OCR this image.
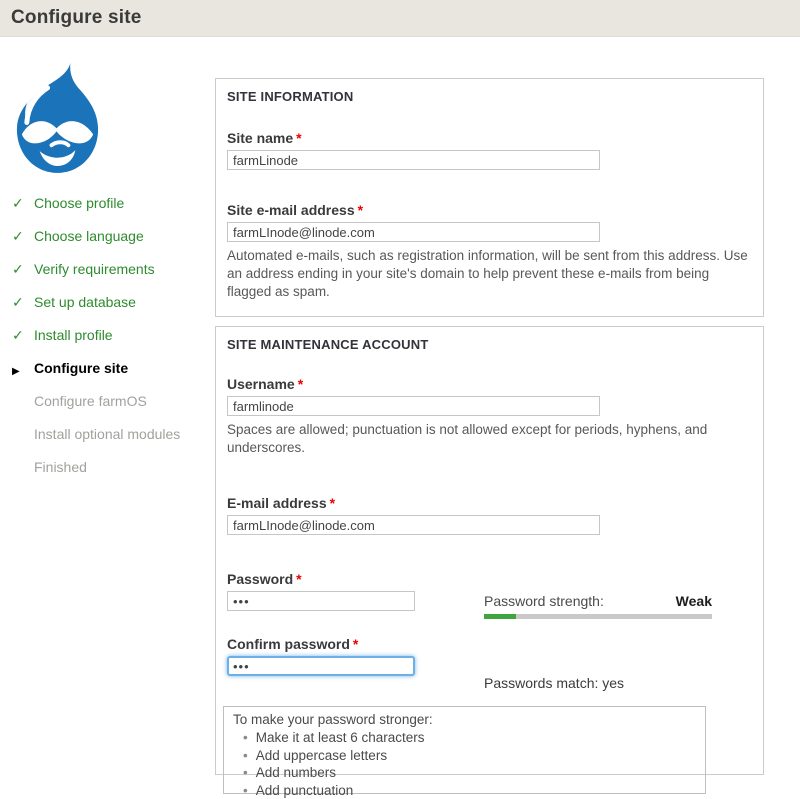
Configure site
✓ Choose profile
✓ Choose language
✓ Verify requirements
✓ Set up database
✓ Install profile
▶	Configure site
Configure farmOS
Install optional modules
Finished
SITE INFORMATION
Site name *
farmLinode
Site e-mail address *
farmLInode@linode.com
Automated e-mails, such as registration information, will be sent from this address. Use an address ending in your site's domain to help prevent these e-mails from being flagged as spam.
SITE MAINTENANCE ACCOUNT
Username *
farmlinode
Spaces are allowed; punctuation is not allowed except for periods, hyphens, and underscores.
E-mail address *
farmLInode@linode.com
Password *
•••
Password strength:	Weak
Confirm password *
•••
Passwords match: yes
To make your password stronger:
• Make it at least 6 characters
• Add uppercase letters
• Add numbers
• Add punctuation
